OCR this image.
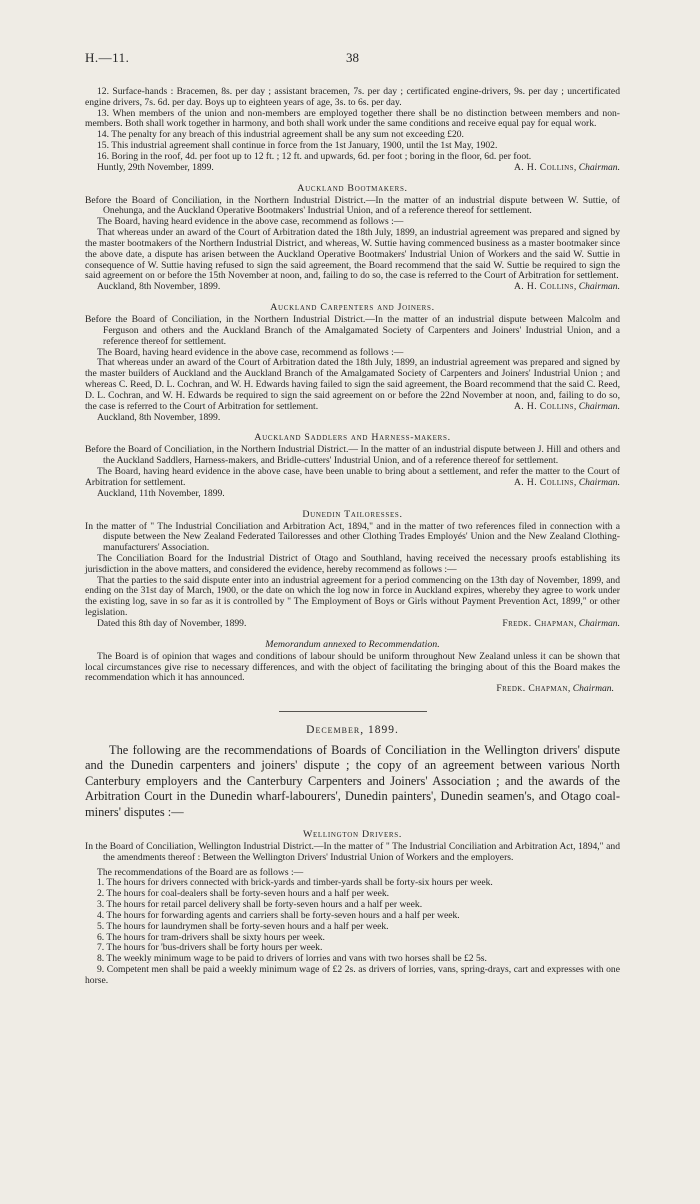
H.—11.	38

12. Surface-hands : Bracemen, 8s. per day ; assistant bracemen, 7s. per day ; certificated engine-drivers, 9s. per day ; uncertificated engine drivers, 7s. 6d. per day. Boys up to eighteen years of age, 3s. to 6s. per day.

13. When members of the union and non-members are employed together there shall be no distinction between members and non-members. Both shall work together in harmony, and both shall work under the same conditions and receive equal pay for equal work.

14. The penalty for any breach of this industrial agreement shall be any sum not exceeding £20.

15. This industrial agreement shall continue in force from the 1st January, 1900, until the 1st May, 1902.

16. Boring in the roof, 4d. per foot up to 12 ft. ; 12 ft. and upwards, 6d. per foot ; boring in the floor, 6d. per foot.
A. H. Collins, Chairman.

Huntly, 29th November, 1899.

Auckland Bootmakers.

Before the Board of Conciliation, in the Northern Industrial District.—In the matter of an industrial dispute between W. Suttie, of Onehunga, and the Auckland Operative Bootmakers' Industrial Union, and of a reference thereof for settlement.

The Board, having heard evidence in the above case, recommend as follows :—

That whereas under an award of the Court of Arbitration dated the 18th July, 1899, an industrial agreement was prepared and signed by the master bootmakers of the Northern Industrial District, and whereas, W. Suttie having commenced business as a master bootmaker since the above date, a dispute has arisen between the Auckland Operative Bootmakers' Industrial Union of Workers and the said W. Suttie in consequence of W. Suttie having refused to sign the said agreement, the Board recommend that the said W. Suttie be required to sign the said agreement on or before the 15th November at noon, and, failing to do so, the case is referred to the Court of Arbitration for settlement.
A. H. Collins, Chairman.

Auckland, 8th November, 1899.

Auckland Carpenters and Joiners.

Before the Board of Conciliation, in the Northern Industrial District.—In the matter of an industrial dispute between Malcolm and Ferguson and others and the Auckland Branch of the Amalgamated Society of Carpenters and Joiners' Industrial Union, and a reference thereof for settlement.

The Board, having heard evidence in the above case, recommend as follows :—

That whereas under an award of the Court of Arbitration dated the 18th July, 1899, an industrial agreement was prepared and signed by the master builders of Auckland and the Auckland Branch of the Amalgamated Society of Carpenters and Joiners' Industrial Union ; and whereas C. Reed, D. L. Cochran, and W. H. Edwards having failed to sign the said agreement, the Board recommend that the said C. Reed, D. L. Cochran, and W. H. Edwards be required to sign the said agreement on or before the 22nd November at noon, and, failing to do so, the case is referred to the Court of Arbitration for settlement.	A. H. Collins, Chairman.

Auckland, 8th November, 1899.

Auckland Saddlers and Harness-makers.

Before the Board of Conciliation, in the Northern Industrial District.— In the matter of an industrial dispute between J. Hill and others and the Auckland Saddlers, Harness-makers, and Bridle-cutters' Industrial Union, and of a reference thereof for settlement.

The Board, having heard evidence in the above case, have been unable to bring about a settlement, and refer the matter to the Court of Arbitration for settlement.	A. H. Collins, Chairman.

Auckland, 11th November, 1899.

Dunedin Tailoresses.

In the matter of " The Industrial Conciliation and Arbitration Act, 1894," and in the matter of two references filed in connection with a dispute between the New Zealand Federated Tailoresses and other Clothing Trades Employés' Union and the New Zealand Clothing-manufacturers' Association.

The Conciliation Board for the Industrial District of Otago and Southland, having received the necessary proofs establishing its jurisdiction in the above matters, and considered the evidence, hereby recommend as follows :—

That the parties to the said dispute enter into an industrial agreement for a period commencing on the 13th day of November, 1899, and ending on the 31st day of March, 1900, or the date on which the log now in force in Auckland expires, whereby they agree to work under the existing log, save in so far as it is controlled by " The Employment of Boys or Girls without Payment Prevention Act, 1899," or other legislation.

Dated this 8th day of November, 1899.	Fredk. Chapman, Chairman.

Memorandum annexed to Recommendation.

The Board is of opinion that wages and conditions of labour should be uniform throughout New Zealand unless it can be shown that local circumstances give rise to necessary differences, and with the object of facilitating the bringing about of this the Board makes the recommendation which it has announced.

Fredk. Chapman, Chairman.

December, 1899.

The following are the recommendations of Boards of Conciliation in the Wellington drivers' dispute and the Dunedin carpenters and joiners' dispute ; the copy of an agreement between various North Canterbury employers and the Canterbury Carpenters and Joiners' Association ; and the awards of the Arbitration Court in the Dunedin wharf-labourers', Dunedin painters', Dunedin seamen's, and Otago coal-miners' disputes :—

Wellington Drivers.

In the Board of Conciliation, Wellington Industrial District.—In the matter of " The Industrial Conciliation and Arbitration Act, 1894," and the amendments thereof : Between the Wellington Drivers' Industrial Union of Workers and the employers.

The recommendations of the Board are as follows :—

1. The hours for drivers connected with brick-yards and timber-yards shall be forty-six hours per week.

2. The hours for coal-dealers shall be forty-seven hours and a half per week.

3. The hours for retail parcel delivery shall be forty-seven hours and a half per week.

4. The hours for forwarding agents and carriers shall be forty-seven hours and a half per week.

5. The hours for laundrymen shall be forty-seven hours and a half per week.

6. The hours for tram-drivers shall be sixty hours per week.

7. The hours for 'bus-drivers shall be forty hours per week.

8. The weekly minimum wage to be paid to drivers of lorries and vans with two horses shall be £2 5s.

9. Competent men shall be paid a weekly minimum wage of £2 2s. as drivers of lorries, vans, spring-drays, cart and expresses with one horse.
